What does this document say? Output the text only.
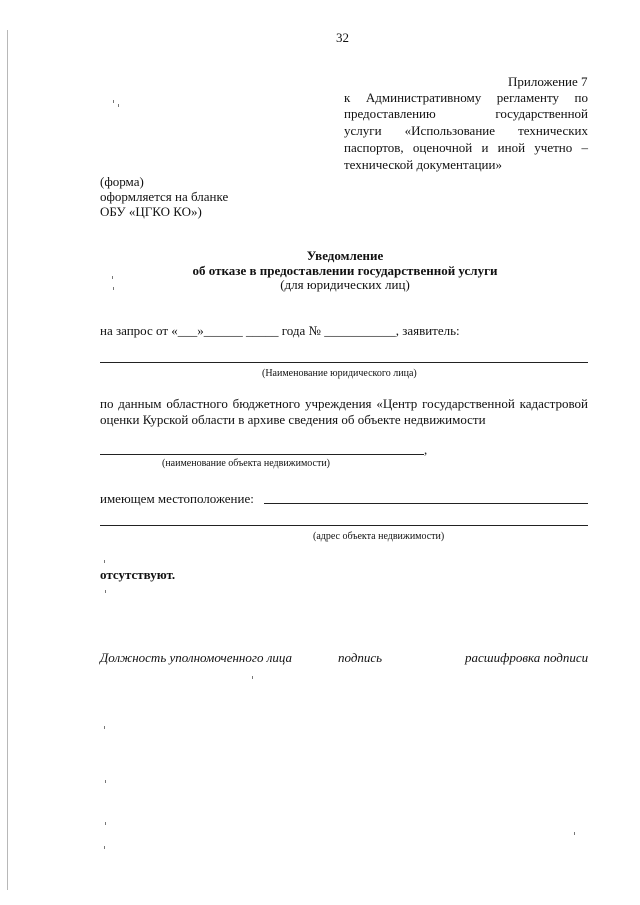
32
Приложение 7
к Административному регламенту по
предоставлению государственной
услуги «Использование технических
паспортов, оценочной и иной учетно –
технической документации»
(форма)
оформляется на бланке
ОБУ «ЦГКО КО»)
Уведомление
об отказе в предоставлении государственной услуги
(для юридических лиц)
на запрос от «___»______ _____ года № ___________, заявитель:
(Наименование юридического лица)
по данным областного бюджетного учреждения «Центр государственной кадастровой
оценки Курской области в архиве сведения об объекте недвижимости
,
(наименование объекта недвижимости)
имеющем местоположение:
(адрес объекта недвижимости)
отсутствуют.
Должность уполномоченного лица	подпись	расшифровка подписи
